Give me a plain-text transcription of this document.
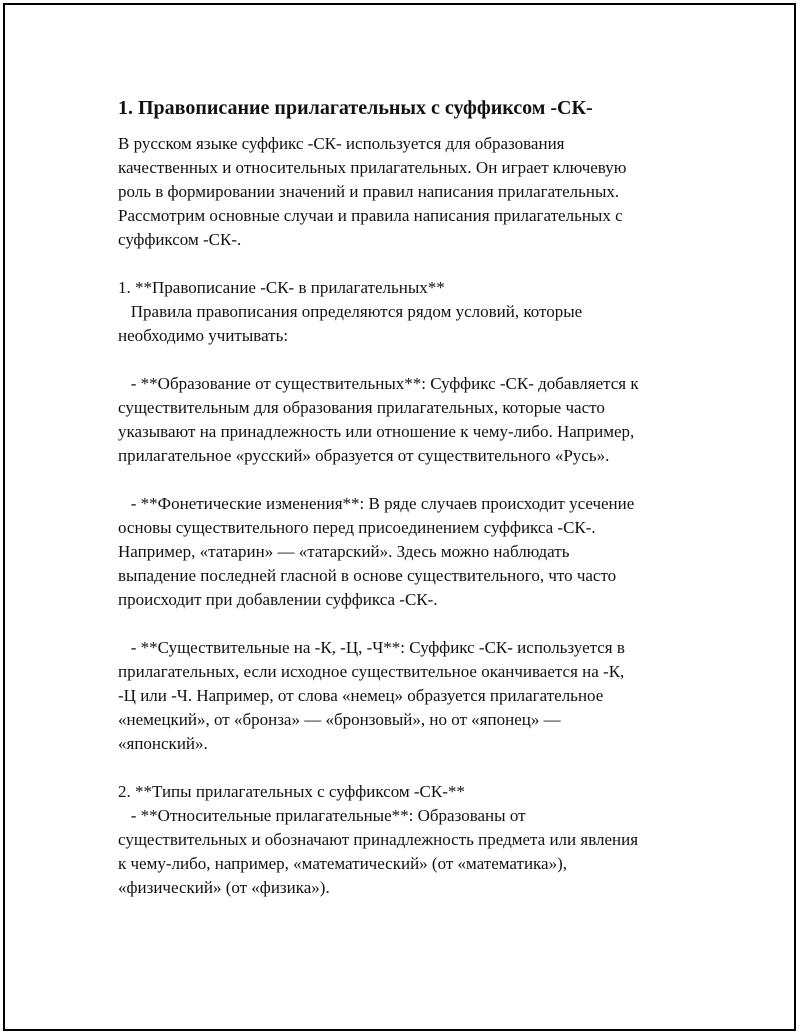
1. Правописание прилагательных с суффиксом -СК-
В русском языке суффикс -СК- используется для образования
качественных и относительных прилагательных. Он играет ключевую
роль в формировании значений и правил написания прилагательных.
Рассмотрим основные случаи и правила написания прилагательных с
суффиксом -СК-.
1. **Правописание -СК- в прилагательных**
Правила правописания определяются рядом условий, которые
необходимо учитывать:
- **Образование от существительных**: Суффикс -СК- добавляется к
существительным для образования прилагательных, которые часто
указывают на принадлежность или отношение к чему-либо. Например,
прилагательное «русский» образуется от существительного «Русь».
- **Фонетические изменения**: В ряде случаев происходит усечение
основы существительного перед присоединением суффикса -СК-.
Например, «татарин» — «татарский». Здесь можно наблюдать
выпадение последней гласной в основе существительного, что часто
происходит при добавлении суффикса -СК-.
- **Существительные на -К, -Ц, -Ч**: Суффикс -СК- используется в
прилагательных, если исходное существительное оканчивается на -К,
-Ц или -Ч. Например, от слова «немец» образуется прилагательное
«немецкий», от «бронза» — «бронзовый», но от «японец» —
«японский».
2. **Типы прилагательных с суффиксом -СК-**
- **Относительные прилагательные**: Образованы от
существительных и обозначают принадлежность предмета или явления
к чему-либо, например, «математический» (от «математика»),
«физический» (от «физика»).
